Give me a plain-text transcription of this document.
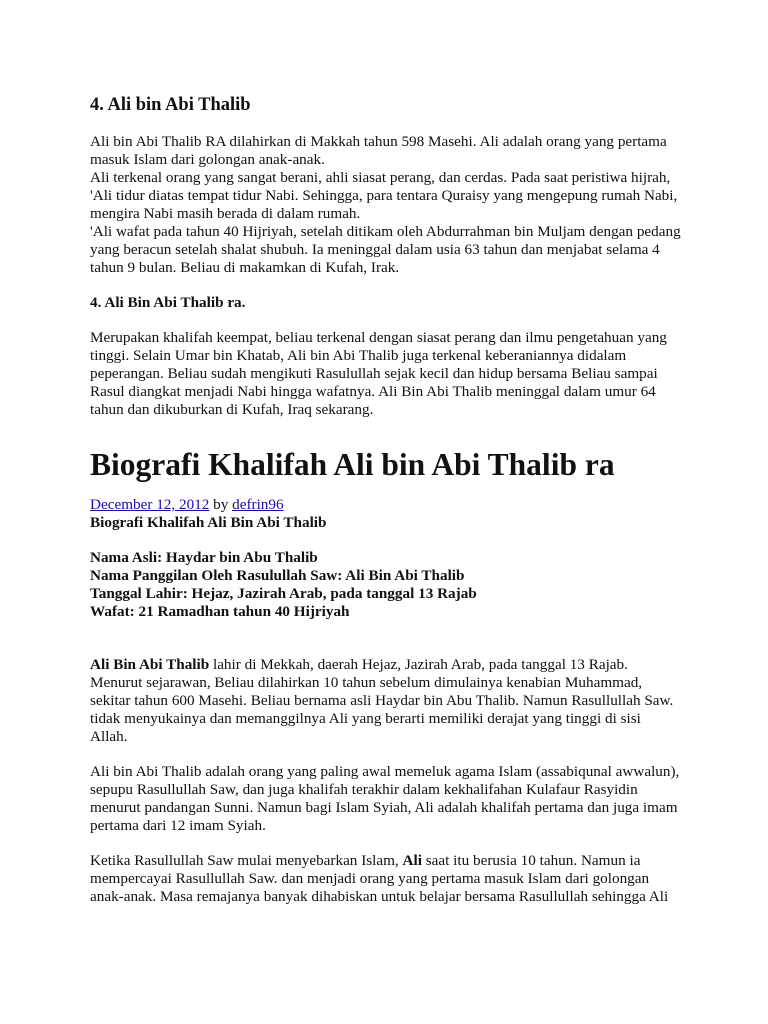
4. Ali bin Abi Thalib

Ali bin Abi Thalib RA dilahirkan di Makkah tahun 598 Masehi. Ali adalah orang yang pertama

masuk Islam dari golongan anak-anak.

Ali terkenal orang yang sangat berani, ahli siasat perang, dan cerdas. Pada saat peristiwa hijrah,

'Ali tidur diatas tempat tidur Nabi. Sehingga, para tentara Quraisy yang mengepung rumah Nabi,

mengira Nabi masih berada di dalam rumah.

'Ali wafat pada tahun 40 Hijriyah, setelah ditikam oleh Abdurrahman bin Muljam dengan pedang

yang beracun setelah shalat shubuh. Ia meninggal dalam usia 63 tahun dan menjabat selama 4

tahun 9 bulan. Beliau di makamkan di Kufah, Irak.

4. Ali Bin Abi Thalib ra.

Merupakan khalifah keempat, beliau terkenal dengan siasat perang dan ilmu pengetahuan yang

tinggi. Selain Umar bin Khatab, Ali bin Abi Thalib juga terkenal keberaniannya didalam

peperangan. Beliau sudah mengikuti Rasulullah sejak kecil dan hidup bersama Beliau sampai

Rasul diangkat menjadi Nabi hingga wafatnya. Ali Bin Abi Thalib meninggal dalam umur 64

tahun dan dikuburkan di Kufah, Iraq sekarang.

Biografi Khalifah Ali bin Abi Thalib ra

December 12, 2012 by defrin96

Biografi Khalifah Ali Bin Abi Thalib

Nama Asli: Haydar bin Abu Thalib

Nama Panggilan Oleh Rasulullah Saw: Ali Bin Abi Thalib

Tanggal Lahir: Hejaz, Jazirah Arab, pada tanggal 13 Rajab

Wafat: 21 Ramadhan tahun 40 Hijriyah

Ali Bin Abi Thalib lahir di Mekkah, daerah Hejaz, Jazirah Arab, pada tanggal 13 Rajab.

Menurut sejarawan, Beliau dilahirkan 10 tahun sebelum dimulainya kenabian Muhammad,

sekitar tahun 600 Masehi. Beliau bernama asli Haydar bin Abu Thalib. Namun Rasullullah Saw.

tidak menyukainya dan memanggilnya Ali yang berarti memiliki derajat yang tinggi di sisi

Allah.

Ali bin Abi Thalib adalah orang yang paling awal memeluk agama Islam (assabiqunal awwalun),

sepupu Rasullullah Saw, dan juga khalifah terakhir dalam kekhalifahan Kulafaur Rasyidin

menurut pandangan Sunni. Namun bagi Islam Syiah, Ali adalah khalifah pertama dan juga imam

pertama dari 12 imam Syiah.

Ketika Rasullullah Saw mulai menyebarkan Islam, Ali saat itu berusia 10 tahun. Namun ia

mempercayai Rasullullah Saw. dan menjadi orang yang pertama masuk Islam dari golongan

anak-anak. Masa remajanya banyak dihabiskan untuk belajar bersama Rasullullah sehingga Ali
